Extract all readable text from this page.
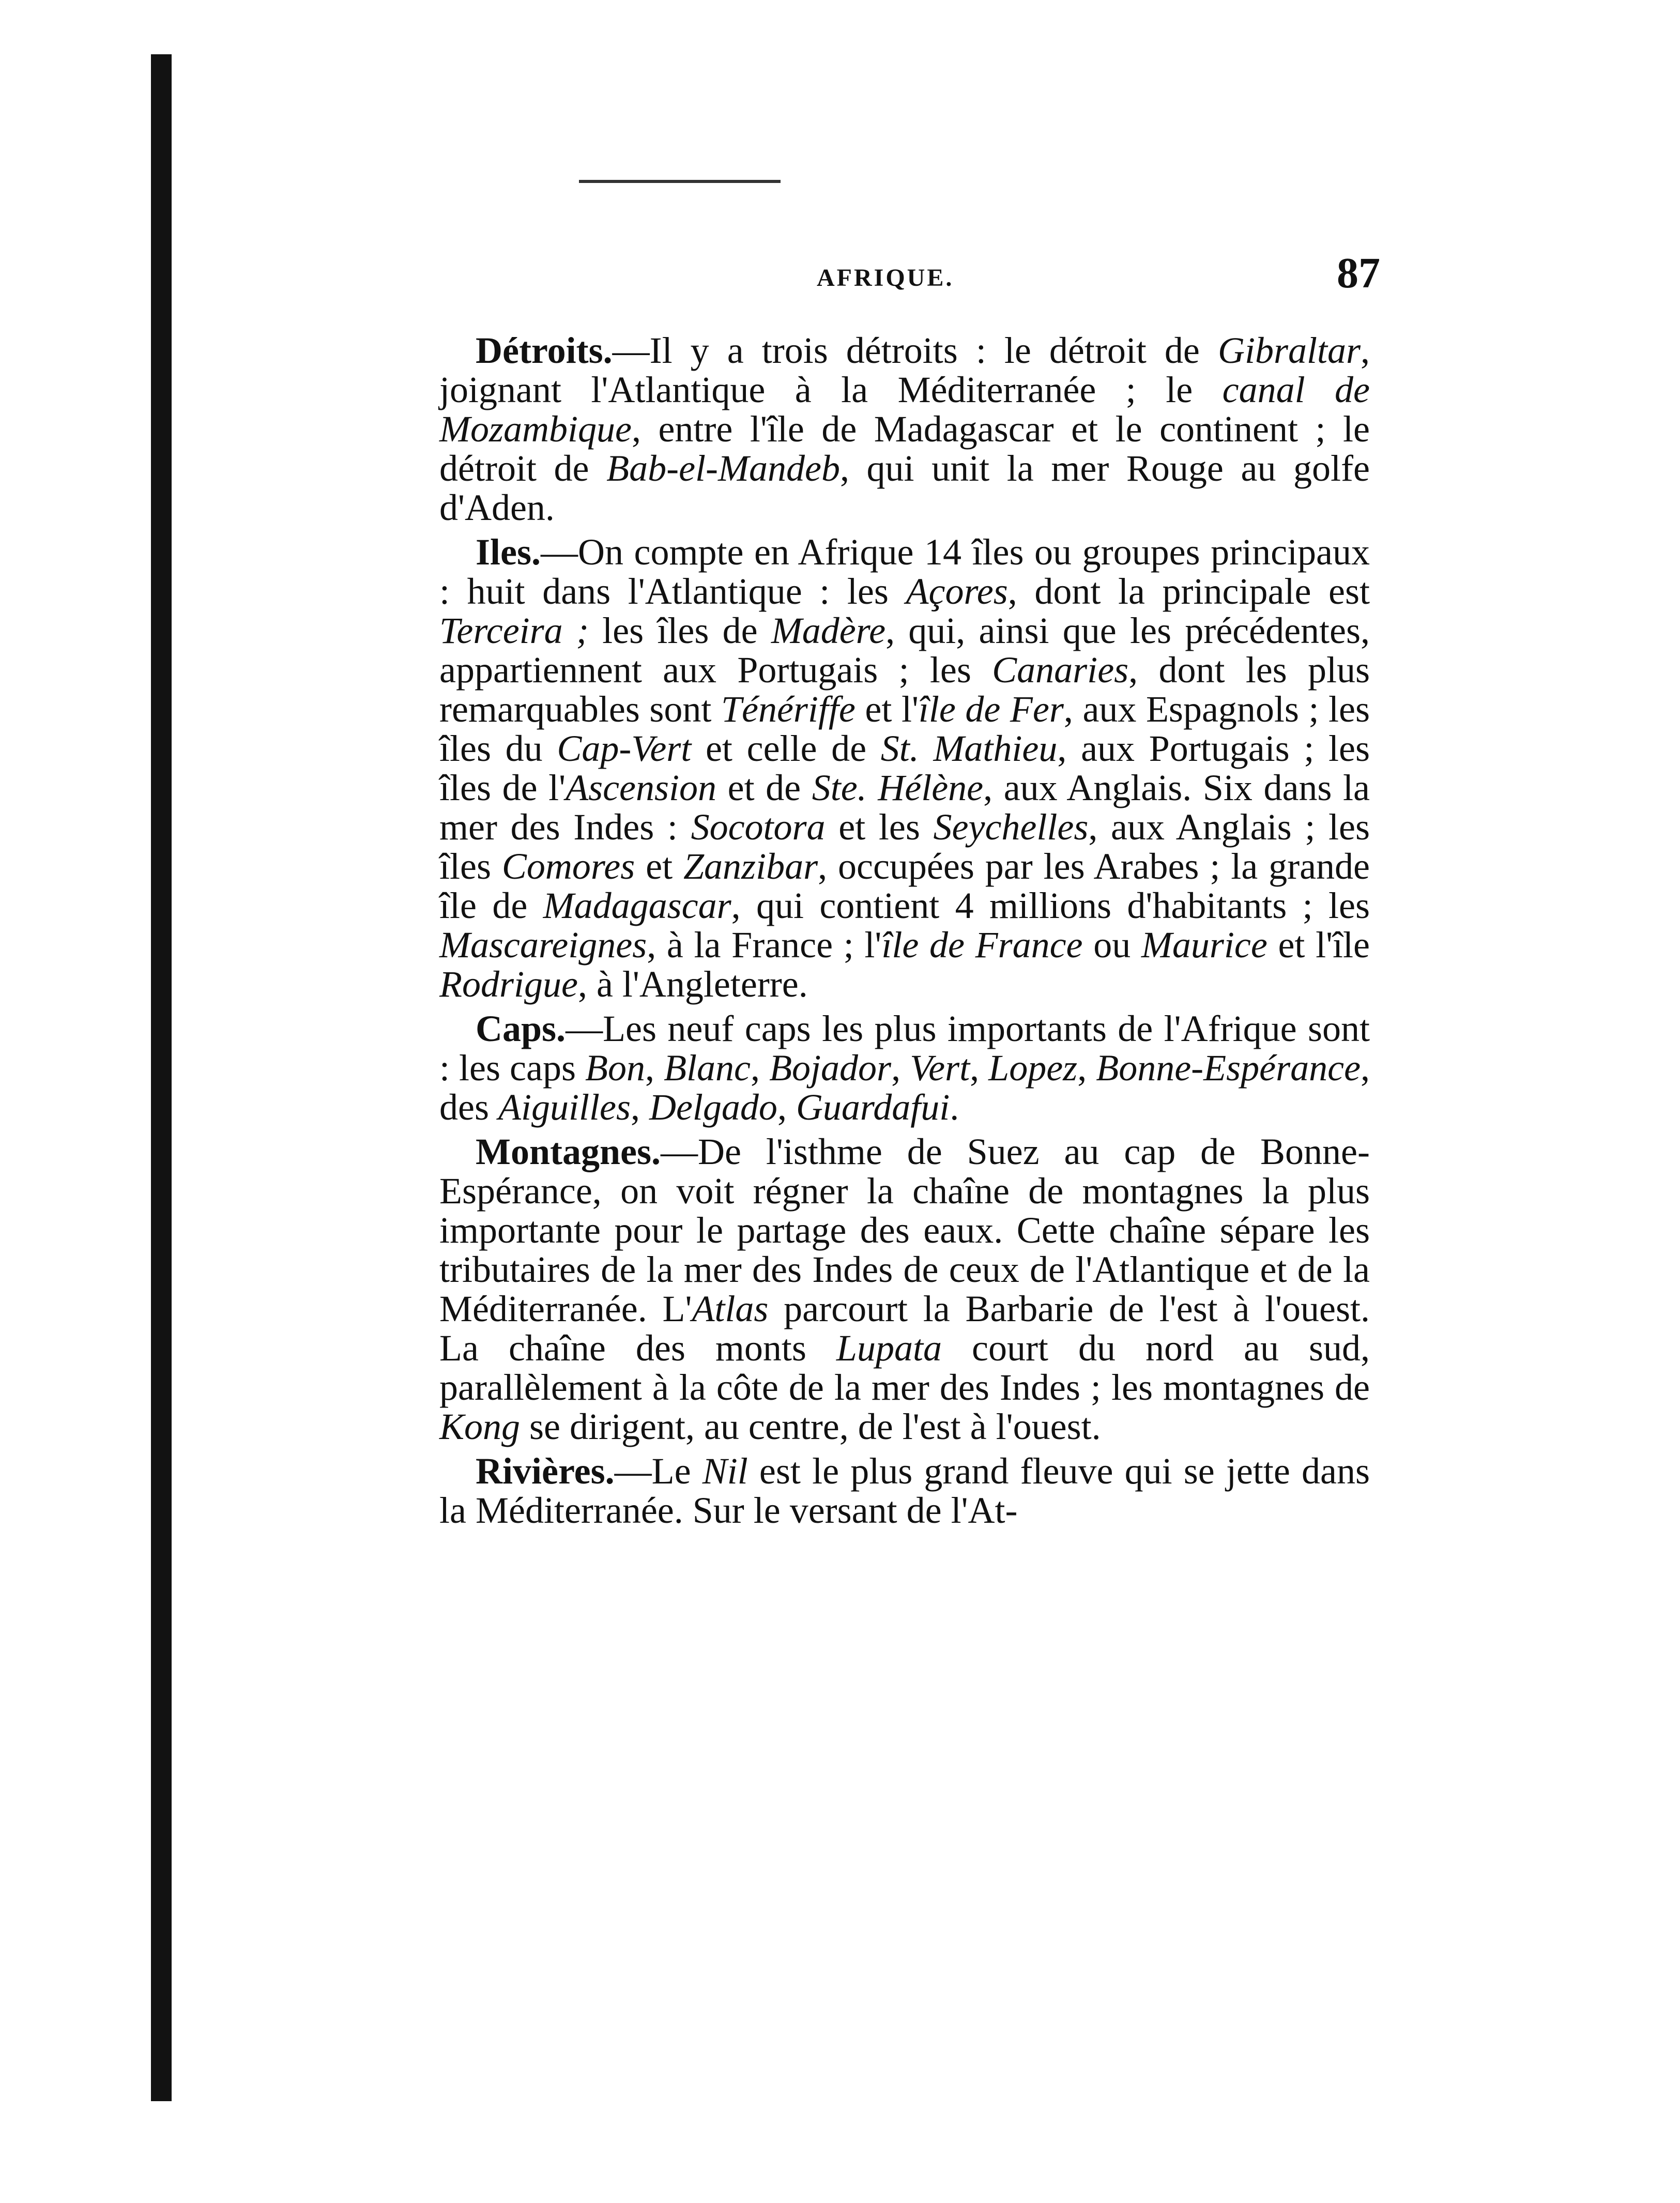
AFRIQUE.	87

Détroits.—Il y a trois détroits : le détroit de Gibraltar, joignant l'Atlantique à la Méditerranée ; le canal de Mozambique, entre l'île de Madagascar et le continent ; le détroit de Bab-el-Mandeb, qui unit la mer Rouge au golfe d'Aden.

Iles.—On compte en Afrique 14 îles ou groupes principaux : huit dans l'Atlantique : les Açores, dont la principale est Terceira ; les îles de Madère, qui, ainsi que les précédentes, appartiennent aux Portugais ; les Canaries, dont les plus remarquables sont Ténériffe et l'île de Fer, aux Espagnols ; les îles du Cap-Vert et celle de St. Mathieu, aux Portugais ; les îles de l'Ascension et de Ste. Hélène, aux Anglais. Six dans la mer des Indes : Socotora et les Seychelles, aux Anglais ; les îles Comores et Zanzibar, occupées par les Arabes ; la grande île de Madagascar, qui contient 4 millions d'habitants ; les Mascareignes, à la France ; l'île de France ou Maurice et l'île Rodrigue, à l'Angleterre.

Caps.—Les neuf caps les plus importants de l'Afrique sont : les caps Bon, Blanc, Bojador, Vert, Lopez, Bonne-Espérance, des Aiguilles, Delgado, Guardafui.

Montagnes.—De l'isthme de Suez au cap de Bonne-Espérance, on voit régner la chaîne de montagnes la plus importante pour le partage des eaux. Cette chaîne sépare les tributaires de la mer des Indes de ceux de l'Atlantique et de la Méditerranée. L'Atlas parcourt la Barbarie de l'est à l'ouest. La chaîne des monts Lupata court du nord au sud, parallèlement à la côte de la mer des Indes ; les montagnes de Kong se dirigent, au centre, de l'est à l'ouest.

Rivières.—Le Nil est le plus grand fleuve qui se jette dans la Méditerranée. Sur le versant de l'At-
